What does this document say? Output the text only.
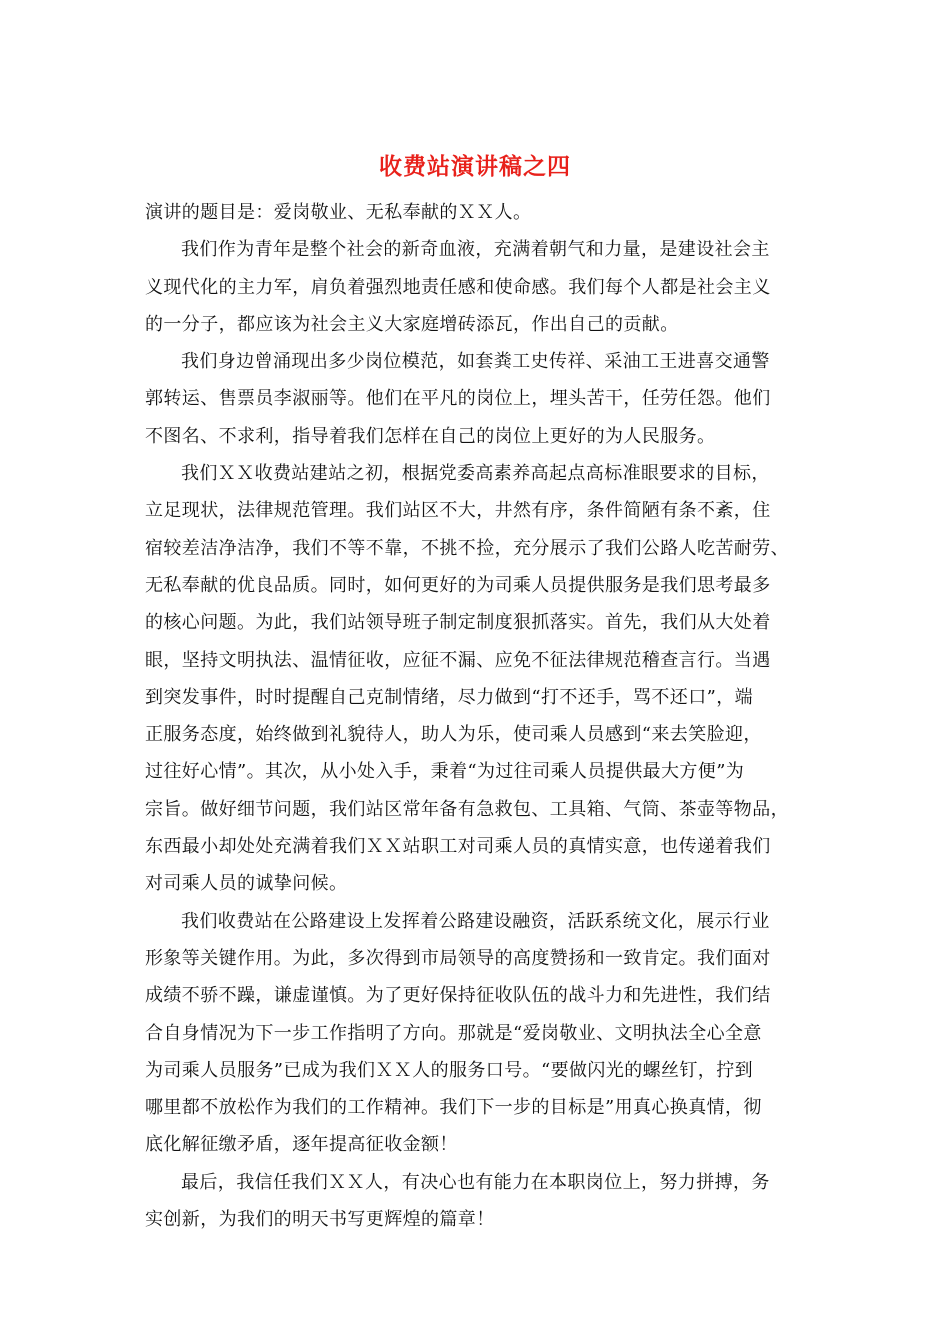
收费站演讲稿之四
演讲的题目是：爱岗敬业、无私奉献的ＸＸ人。
我们作为青年是整个社会的新奇血液，充满着朝气和力量，是建设社会主
义现代化的主力军，肩负着强烈地责任感和使命感。我们每个人都是社会主义
的一分子，都应该为社会主义大家庭增砖添瓦，作出自己的贡献。
我们身边曾涌现出多少岗位模范，如套粪工史传祥、采油工王进喜交通警
郭转运、售票员李淑丽等。他们在平凡的岗位上，埋头苦干，任劳任怨。他们
不图名、不求利，指导着我们怎样在自己的岗位上更好的为人民服务。
我们ＸＸ收费站建站之初，根据党委高素养高起点高标准眼要求的目标，
立足现状，法律规范管理。我们站区不大，井然有序，条件简陋有条不紊，住
宿较差洁净洁净，我们不等不靠，不挑不捡，充分展示了我们公路人吃苦耐劳、
无私奉献的优良品质。同时，如何更好的为司乘人员提供服务是我们思考最多
的核心问题。为此，我们站领导班子制定制度狠抓落实。首先，我们从大处着
眼，坚持文明执法、温情征收，应征不漏、应免不征法律规范稽查言行。当遇
到突发事件，时时提醒自己克制情绪，尽力做到“打不还手，骂不还口”，端
正服务态度，始终做到礼貌待人，助人为乐，使司乘人员感到“来去笑脸迎，
过往好心情”。其次，从小处入手，秉着“为过往司乘人员提供最大方便”为
宗旨。做好细节问题，我们站区常年备有急救包、工具箱、气筒、茶壶等物品，
东西最小却处处充满着我们ＸＸ站职工对司乘人员的真情实意，也传递着我们
对司乘人员的诚挚问候。
我们收费站在公路建设上发挥着公路建设融资，活跃系统文化，展示行业
形象等关键作用。为此，多次得到市局领导的高度赞扬和一致肯定。我们面对
成绩不骄不躁，谦虚谨慎。为了更好保持征收队伍的战斗力和先进性，我们结
合自身情况为下一步工作指明了方向。那就是“爱岗敬业、文明执法全心全意
为司乘人员服务”已成为我们ＸＸ人的服务口号。“要做闪光的螺丝钉，拧到
哪里都不放松作为我们的工作精神。我们下一步的目标是”用真心换真情，彻
底化解征缴矛盾，逐年提高征收金额！
最后，我信任我们ＸＸ人，有决心也有能力在本职岗位上，努力拼搏，务
实创新，为我们的明天书写更辉煌的篇章！
